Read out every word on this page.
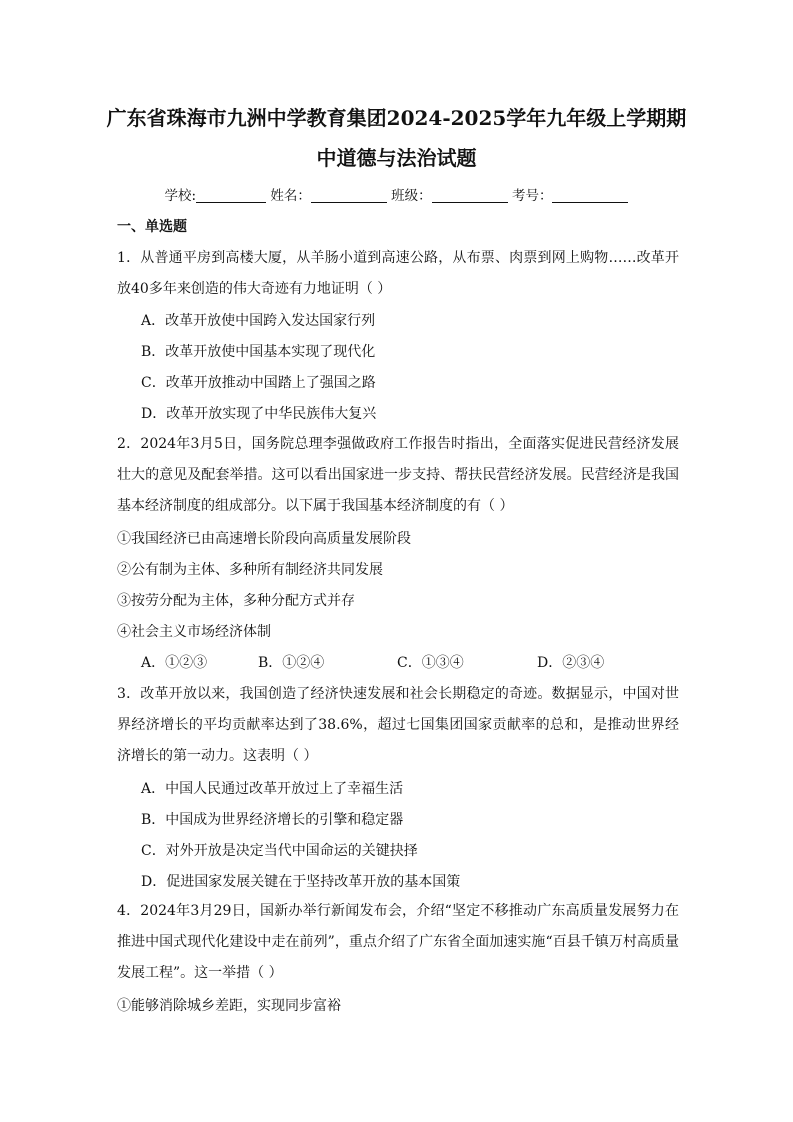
广东省珠海市九洲中学教育集团2024-2025学年九年级上学期期
中道德与法治试题
学校:	姓名：	班级：	考号：
一、单选题
1．从普通平房到高楼大厦，从羊肠小道到高速公路，从布票、肉票到网上购物……改革开放40多年来创造的伟大奇迹有力地证明（ ）
A．改革开放使中国跨入发达国家行列
B．改革开放使中国基本实现了现代化
C．改革开放推动中国踏上了强国之路
D．改革开放实现了中华民族伟大复兴
2．2024年3月5日，国务院总理李强做政府工作报告时指出，全面落实促进民营经济发展壮大的意见及配套举措。这可以看出国家进一步支持、帮扶民营经济发展。民营经济是我国基本经济制度的组成部分。以下属于我国基本经济制度的有（ ）
①我国经济已由高速增长阶段向高质量发展阶段
②公有制为主体、多种所有制经济共同发展
③按劳分配为主体，多种分配方式并存
④社会主义市场经济体制
A．①②③	B．①②④	C．①③④	D．②③④
3．改革开放以来，我国创造了经济快速发展和社会长期稳定的奇迹。数据显示，中国对世界经济增长的平均贡献率达到了38.6%，超过七国集团国家贡献率的总和，是推动世界经济增长的第一动力。这表明（ ）
A．中国人民通过改革开放过上了幸福生活
B．中国成为世界经济增长的引擎和稳定器
C．对外开放是决定当代中国命运的关键抉择
D．促进国家发展关键在于坚持改革开放的基本国策
4．2024年3月29日，国新办举行新闻发布会，介绍“坚定不移推动广东高质量发展努力在推进中国式现代化建设中走在前列”，重点介绍了广东省全面加速实施“百县千镇万村高质量发展工程”。这一举措（ ）
①能够消除城乡差距，实现同步富裕
